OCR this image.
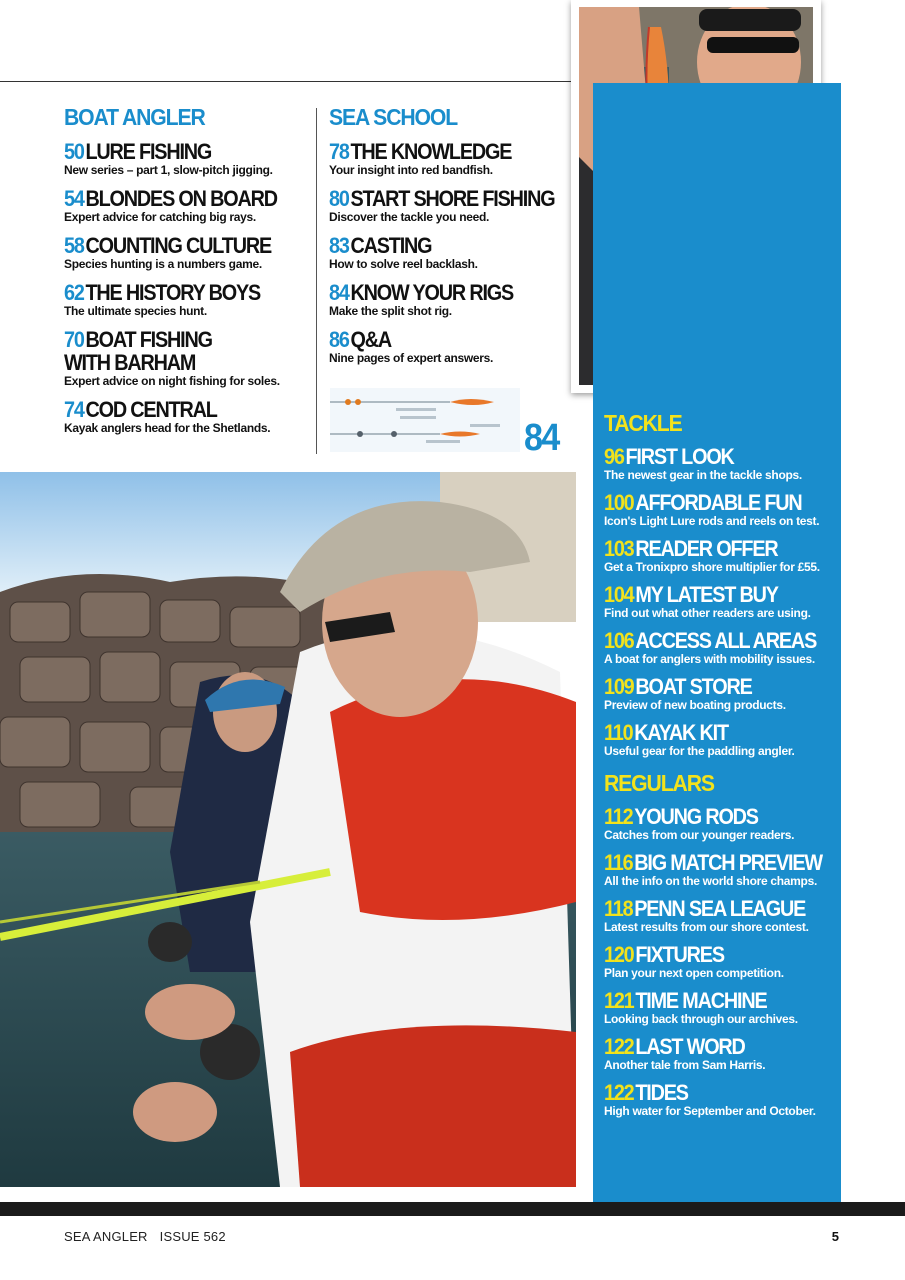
BOAT ANGLER
50LURE FISHING
New series – part 1, slow-pitch jigging.
54BLONDES ON BOARD
Expert advice for catching big rays.
58COUNTING CULTURE
Species hunting is a numbers game.
62THE HISTORY BOYS
The ultimate species hunt.
70BOAT FISHING
WITH BARHAM
Expert advice on night fishing for soles.
74COD CENTRAL
Kayak anglers head for the Shetlands.
SEA SCHOOL
78THE KNOWLEDGE
Your insight into red bandfish.
80START SHORE FISHING
Discover the tackle you need.
83CASTING
How to solve reel backlash.
84KNOW YOUR RIGS
Make the split shot rig.
86Q&A
Nine pages of expert answers.
84 TACKLE
96FIRST LOOK
The newest gear in the tackle shops.
100AFFORDABLE FUN
Icon's Light Lure rods and reels on test.
103READER OFFER
Get a Tronixpro shore multiplier for £55.
104MY LATEST BUY
Find out what other readers are using.
106ACCESS ALL AREAS
A boat for anglers with mobility issues.
109BOAT STORE
Preview of new boating products.
110KAYAK KIT
Useful gear for the paddling angler.
REGULARS
112YOUNG RODS
Catches from our younger readers.
116BIG MATCH PREVIEW
All the info on the world shore champs.
118PENN SEA LEAGUE
Latest results from our shore contest.
120FIXTURES
Plan your next open competition.
121TIME MACHINE
Looking back through our archives.
122LAST WORD
Another tale from Sam Harris.
122TIDES
High water for September and October.
SEA ANGLER ISSUE 562	5
